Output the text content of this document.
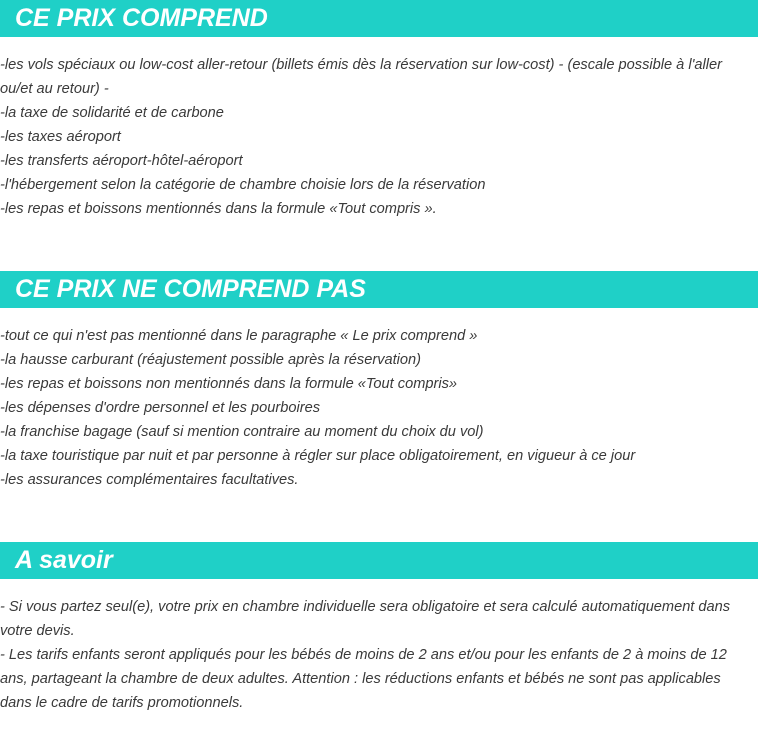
CE PRIX COMPREND
-les vols spéciaux ou low-cost aller-retour (billets émis dès la réservation sur low-cost) - (escale possible à l'aller ou/et au retour) -
-la taxe de solidarité et de carbone
-les taxes aéroport
-les transferts aéroport-hôtel-aéroport
-l'hébergement selon la catégorie de chambre choisie lors de la réservation
-les repas et boissons mentionnés dans la formule «Tout compris ».
CE PRIX NE COMPREND PAS
-tout ce qui n'est pas mentionné dans le paragraphe « Le prix comprend »
-la hausse carburant (réajustement possible après la réservation)
-les repas et boissons non mentionnés dans la formule «Tout compris»
-les dépenses d'ordre personnel et les pourboires
-la franchise bagage (sauf si mention contraire au moment du choix du vol)
-la taxe touristique par nuit et par personne à régler sur place obligatoirement, en vigueur à ce jour
-les assurances complémentaires facultatives.
A savoir
- Si vous partez seul(e), votre prix en chambre individuelle sera obligatoire et sera calculé automatiquement dans votre devis.
- Les tarifs enfants seront appliqués pour les bébés de moins de 2 ans et/ou pour les enfants de 2 à moins de 12 ans, partageant la chambre de deux adultes. Attention : les réductions enfants et bébés ne sont pas applicables dans le cadre de tarifs promotionnels.
